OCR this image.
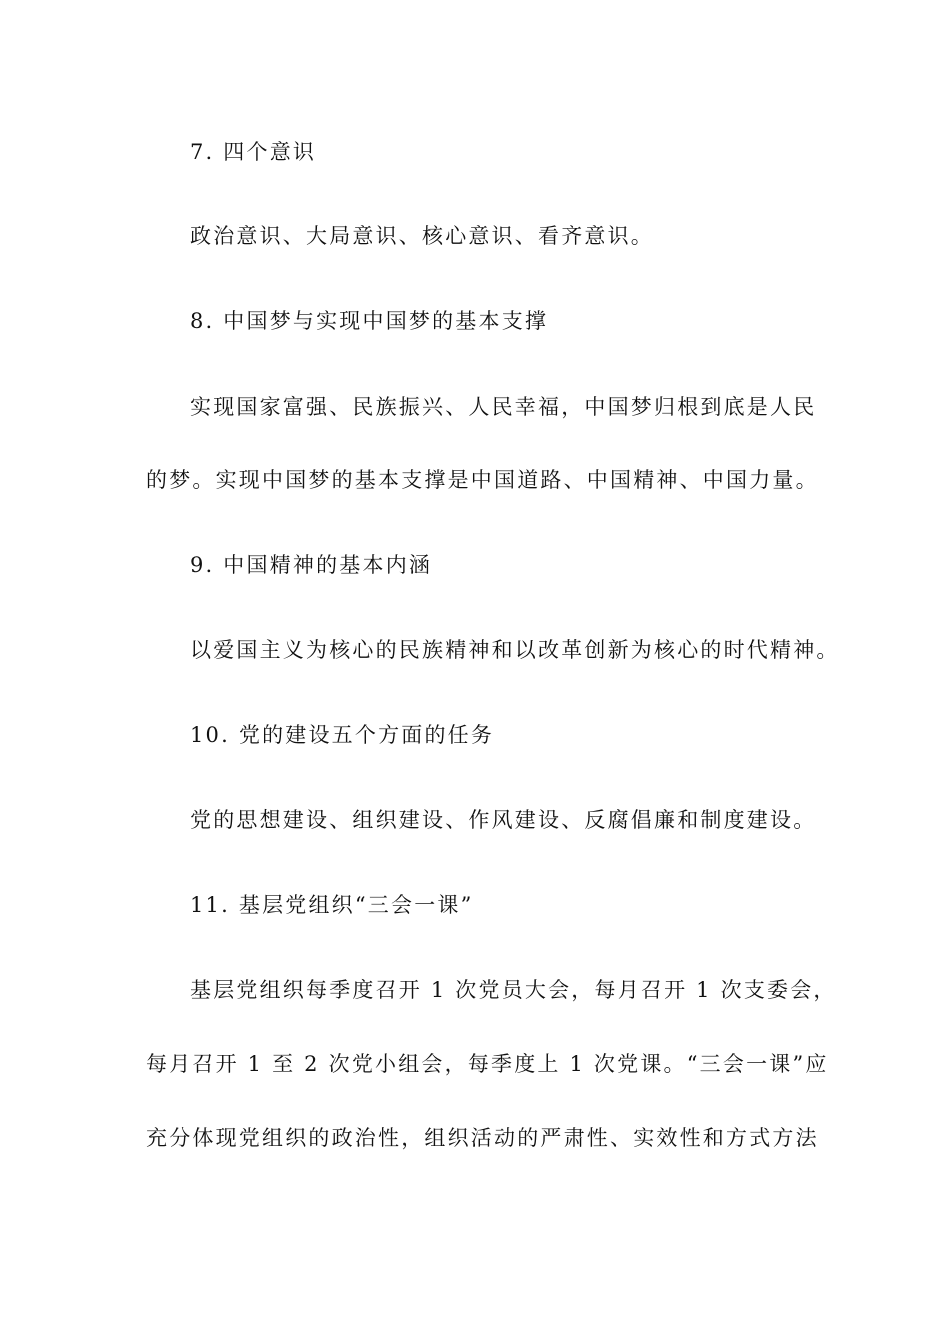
7. 四个意识
政治意识、大局意识、核心意识、看齐意识。
8. 中国梦与实现中国梦的基本支撑
实现国家富强、民族振兴、人民幸福，中国梦归根到底是人民
的梦。实现中国梦的基本支撑是中国道路、中国精神、中国力量。
9. 中国精神的基本内涵
以爱国主义为核心的民族精神和以改革创新为核心的时代精神。
10. 党的建设五个方面的任务
党的思想建设、组织建设、作风建设、反腐倡廉和制度建设。
11. 基层党组织“三会一课”
基层党组织每季度召开 1 次党员大会，每月召开 1 次支委会，
每月召开 1 至 2 次党小组会，每季度上 1 次党课。“三会一课”应
充分体现党组织的政治性，组织活动的严肃性、实效性和方式方法
